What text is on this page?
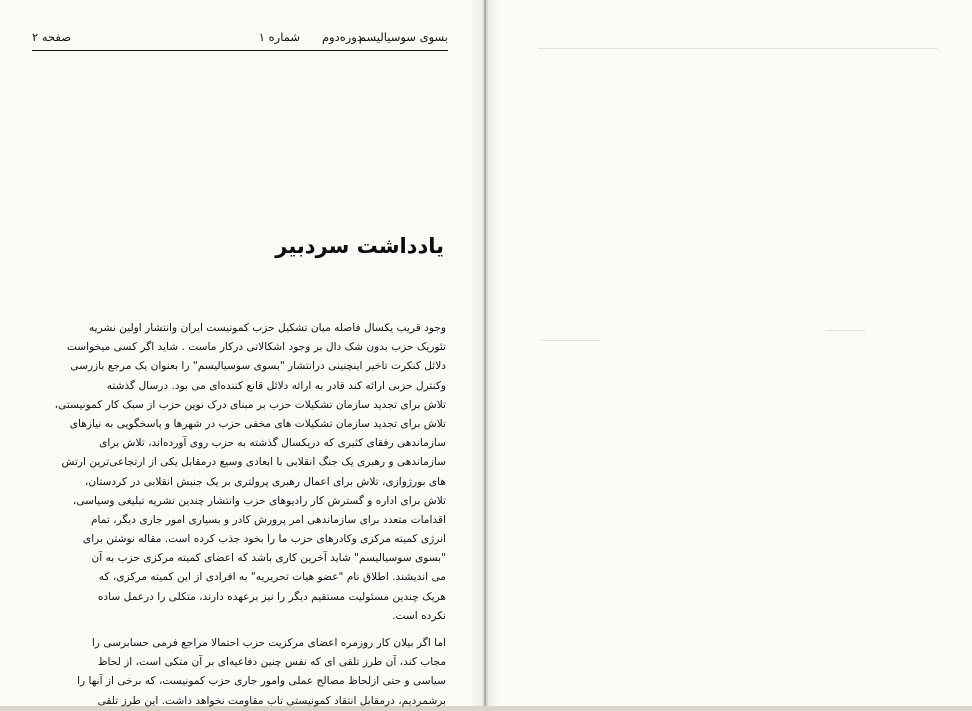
بسوی سوسیالیسم
دوره‌دوم
شماره ۱
صفحه ۲
یادداشت سردبیر
وجود قریب یکسال فاصله میان تشکیل حزب کمونیست ایران وانتشار اولین نشریه
تئوریک حزب بدون شک دال بر وجود اشکالاتی درکار ماست . شاید اگر کسی میخواست
دلائل کنکرت تاخیر اینچنینی درانتشار "بسوی سوسیالیسم" را بعنوان یک مرجع بازرسی
وکنترل حزبی ارائه کند قادر به ارائه دلائل قانع کننده‌ای می بود. درسال گذشته
تلاش برای تجدید سازمان تشکیلات حزب بر مبنای درک نوین حزب از سبک کار کمونیستی،
تلاش برای تجدید سازمان تشکیلات های مخفی حزب در شهرها و پاسخگویی به نیازهای
سازماندهی رفقای کثیری که دریکسال گذشته به حزب روی آورده‌اند، تلاش برای
سازماندهی و رهبری یک جنگ انقلابی با ابعادی وسیع درمقابل یکی از ارتجاعی‌ترین ارتش
های بورژوازی، تلاش برای اعمال رهبری پرولتری بر یک جنبش انقلابی در کردستان،
تلاش برای اداره و گسترش کار رادیوهای حزب وانتشار چندین نشریه تبلیغی وسیاسی،
اقدامات متعدد برای سازماندهی امر پرورش کادر و بسیاری امور جاری دیگر، تمام
انرژی کمیته مرکزی وکادرهای حزب ما را بخود جذب کرده است. مقاله نوشتن برای
"بسوی سوسیالیسم" شاید آخرین کاری باشد که اعضای کمیته مرکزی حزب به آن
می اندیشند. اطلاق نام "عضو هیات تحریریه" به افرادی از این کمیته مرکزی، که
هریک چندین مسئولیت مستقیم دیگر را نیز برعهده دارند، متکلی را درعمل ساده
نکرده است.
اما اگر بیلان کار روزمره اعضای مرکزیت حزب احتمالا مراجع فرمی حسابرسی را
مجاب کند، آن طرز تلقی ای که نفس چنین دفاعیه‌ای بر آن متکی است، از لحاظ
سیاسی و حتی ازلحاظ مصالح عملی وامور جاری حزب کمونیست، که برخی از آنها را
برشمردیم، درمقابل انتقاد کمونیستی تاب مقاومت نخواهد داشت. این طرز تلقی
